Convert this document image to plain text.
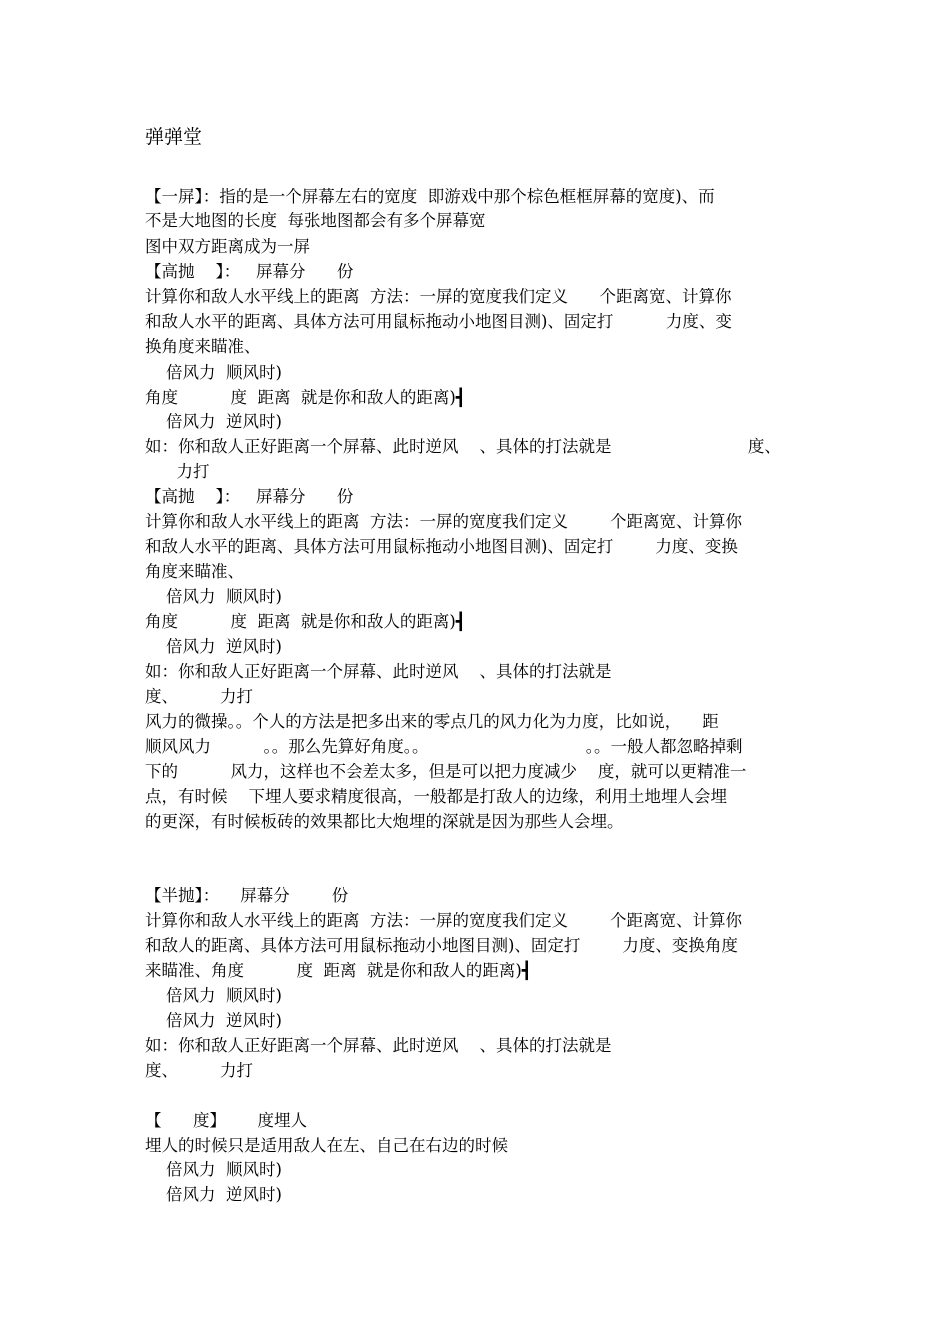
弹弹堂
【一屏】：指的是一个屏幕左右的宽度  即游戏中那个棕色框框屏幕的宽度)、而
不是大地图的长度  每张地图都会有多个屏幕宽
图中双方距离成为一屏
【高抛    】：   屏幕分      份
计算你和敌人水平线上的距离  方法：一屏的宽度我们定义      个距离宽、计算你
和敌人水平的距离、具体方法可用鼠标拖动小地图目测)、固定打          力度、变
换角度来瞄准、
倍风力  顺风时)
角度          度  距离  就是你和敌人的距离)┫
倍风力  逆风时)
如：你和敌人正好距离一个屏幕、此时逆风    、具体的打法就是                          度、
力打
【高抛    】：   屏幕分      份
计算你和敌人水平线上的距离  方法：一屏的宽度我们定义        个距离宽、计算你
和敌人水平的距离、具体方法可用鼠标拖动小地图目测)、固定打        力度、变换
角度来瞄准、
倍风力  顺风时)
角度          度  距离  就是你和敌人的距离)┫
倍风力  逆风时)
如：你和敌人正好距离一个屏幕、此时逆风    、具体的打法就是
度、        力打
风力的微操。。个人的方法是把多出来的零点几的风力化为力度，比如说，    距
顺风风力          。。那么先算好角度。。                              。。一般人都忽略掉剩
下的          风力，这样也不会差太多，但是可以把力度减少    度，就可以更精准一
点，有时候    下埋人要求精度很高，一般都是打敌人的边缘，利用土地埋人会埋
的更深，有时候板砖的效果都比大炮埋的深就是因为那些人会埋。
【半抛】：    屏幕分        份
计算你和敌人水平线上的距离  方法：一屏的宽度我们定义        个距离宽、计算你
和敌人的距离、具体方法可用鼠标拖动小地图目测)、固定打        力度、变换角度
来瞄准、角度          度  距离  就是你和敌人的距离)┫
倍风力  顺风时)
倍风力  逆风时)
如：你和敌人正好距离一个屏幕、此时逆风    、具体的打法就是
度、        力打
【      度】      度埋人
埋人的时候只是适用敌人在左、自己在右边的时候
倍风力  顺风时)
倍风力  逆风时)
